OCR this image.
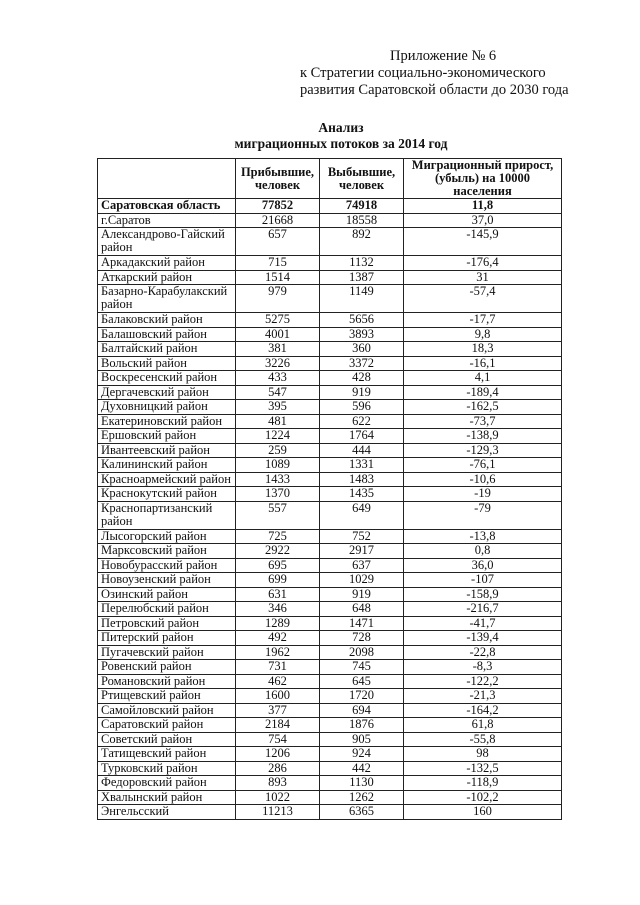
Приложение № 6
к Стратегии социально-экономического
развития Саратовской области до 2030 года
Анализ
миграционных потоков за 2014 год
	Прибывшие, человек	Выбывшие, человек	Миграционный прирост, (убыль) на 10000 населения
Саратовская область	77852	74918	11,8
г.Саратов	21668	18558	37,0
Александрово-Гайский район	657	892	-145,9
Аркадакский район	715	1132	-176,4
Аткарский район	1514	1387	31
Базарно-Карабулакский район	979	1149	-57,4
Балаковский район	5275	5656	-17,7
Балашовский район	4001	3893	9,8
Балтайский район	381	360	18,3
Вольский район	3226	3372	-16,1
Воскресенский район	433	428	4,1
Дергачевский район	547	919	-189,4
Духовницкий район	395	596	-162,5
Екатериновский район	481	622	-73,7
Ершовский район	1224	1764	-138,9
Ивантеевский район	259	444	-129,3
Калининский район	1089	1331	-76,1
Красноармейский район	1433	1483	-10,6
Краснокутский район	1370	1435	-19
Краснопартизанский район	557	649	-79
Лысогорский район	725	752	-13,8
Марксовский район	2922	2917	0,8
Новобурасский район	695	637	36,0
Новоузенский район	699	1029	-107
Озинский район	631	919	-158,9
Перелюбский район	346	648	-216,7
Петровский район	1289	1471	-41,7
Питерский район	492	728	-139,4
Пугачевский район	1962	2098	-22,8
Ровенский район	731	745	-8,3
Романовский район	462	645	-122,2
Ртищевский район	1600	1720	-21,3
Самойловский район	377	694	-164,2
Саратовский район	2184	1876	61,8
Советский район	754	905	-55,8
Татищевский район	1206	924	98
Турковский район	286	442	-132,5
Федоровский район	893	1130	-118,9
Хвалынский район	1022	1262	-102,2
Энгельсский	11213	6365	160
